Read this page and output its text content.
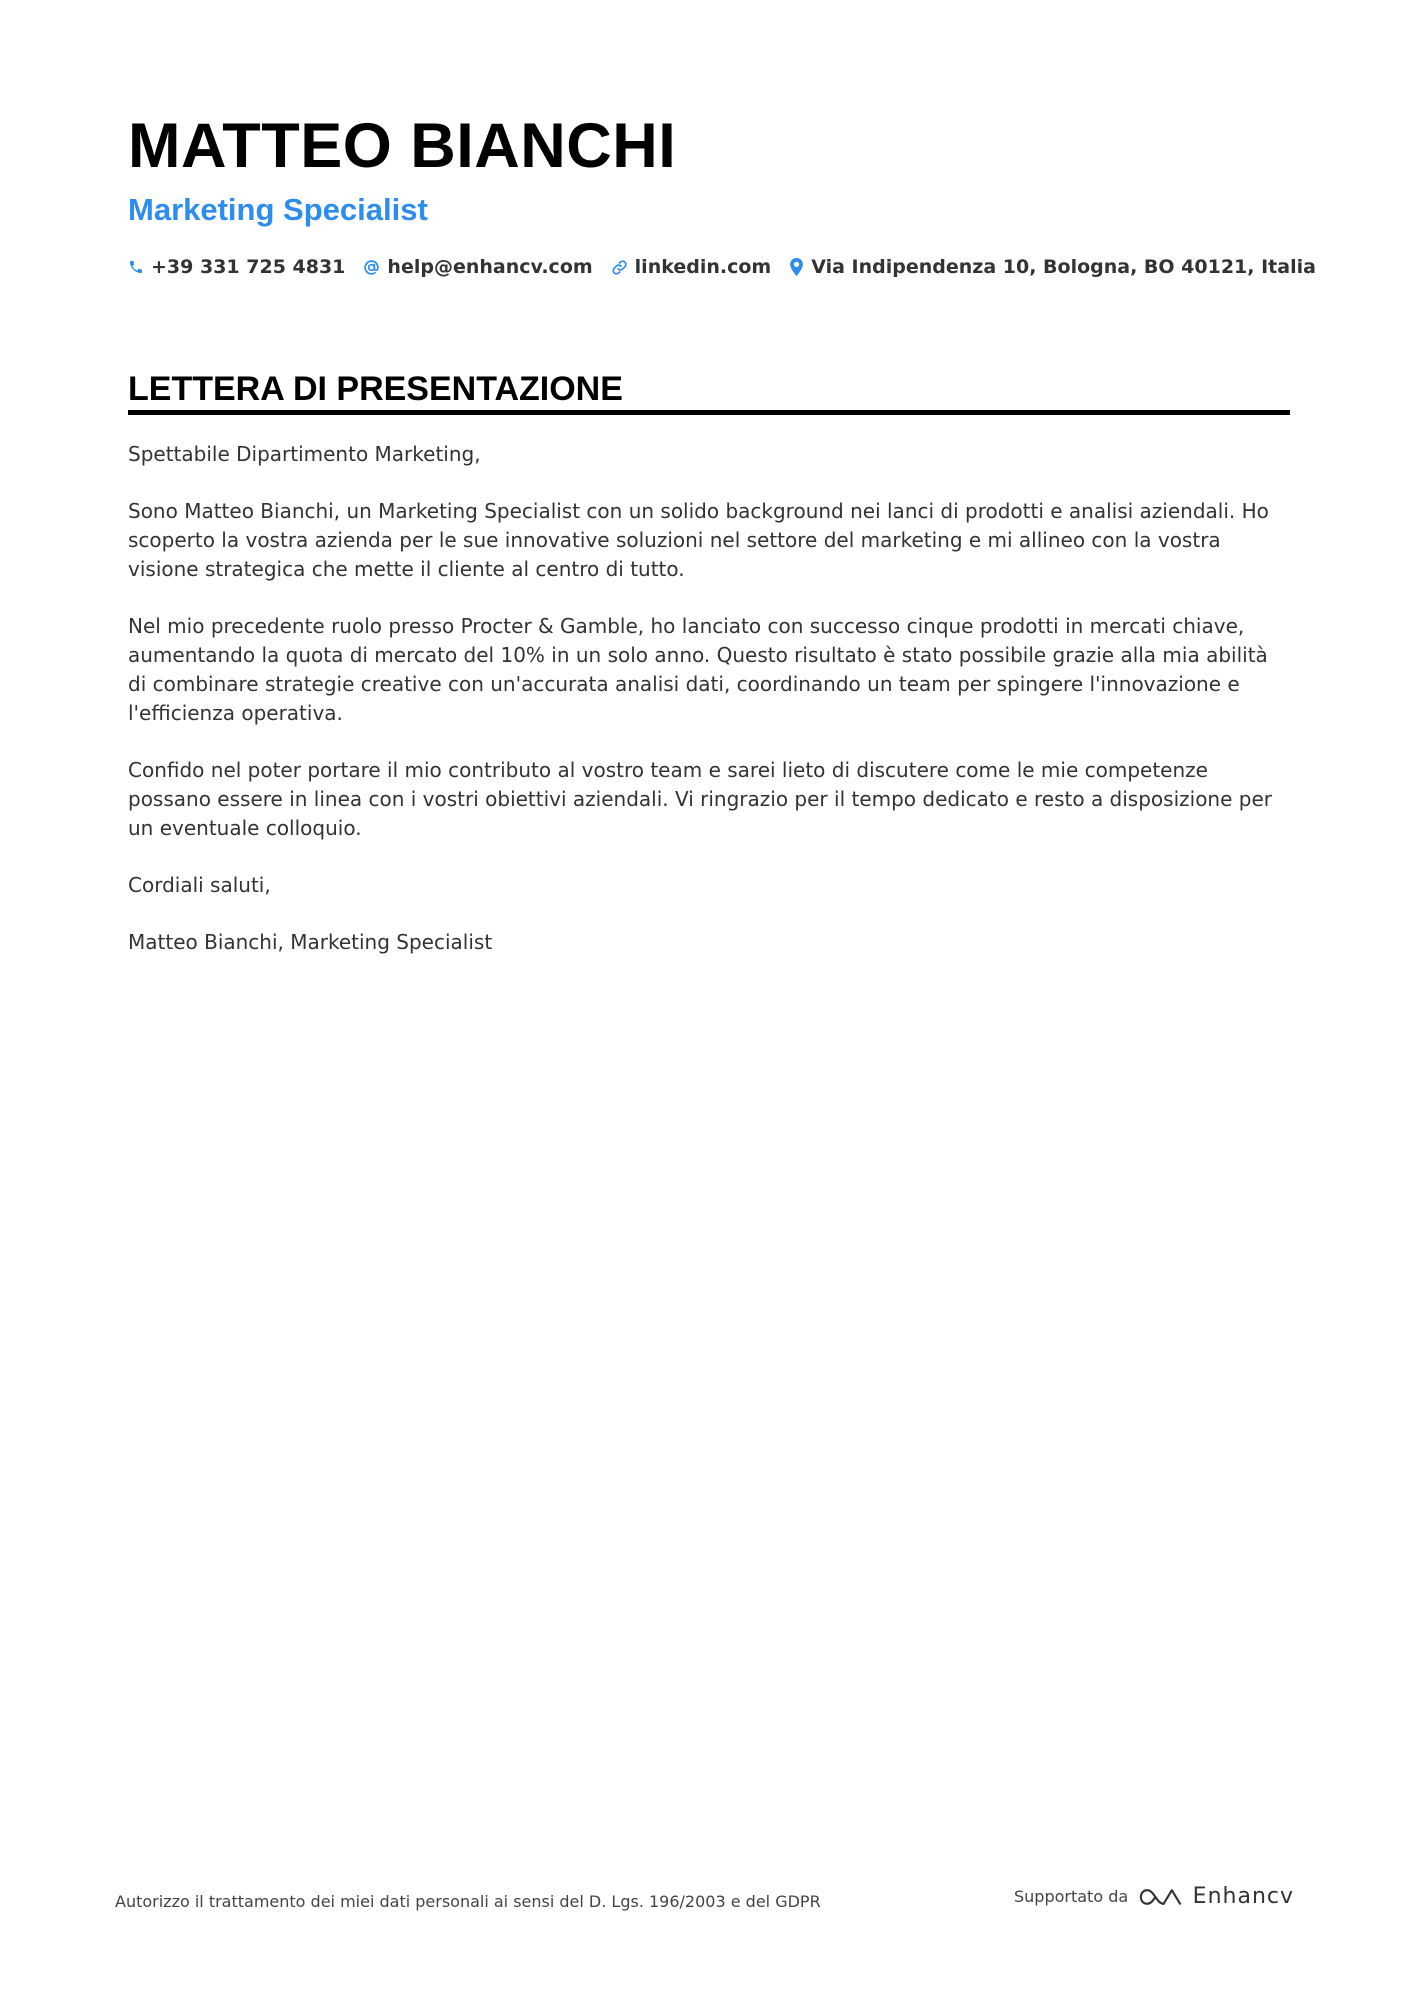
MATTEO BIANCHI
Marketing Specialist
+39 331 725 4831 help@enhancv.com linkedin.com Via Indipendenza 10, Bologna, BO 40121, Italia
LETTERA DI PRESENTAZIONE

Spettabile Dipartimento Marketing,

Sono Matteo Bianchi, un Marketing Specialist con un solido background nei lanci di prodotti e analisi aziendali. Ho scoperto la vostra azienda per le sue innovative soluzioni nel settore del marketing e mi allineo con la vostra visione strategica che mette il cliente al centro di tutto.

Nel mio precedente ruolo presso Procter & Gamble, ho lanciato con successo cinque prodotti in mercati chiave, aumentando la quota di mercato del 10% in un solo anno. Questo risultato è stato possibile grazie alla mia abilità di combinare strategie creative con un'accurata analisi dati, coordinando un team per spingere l'innovazione e l'efficienza operativa.

Confido nel poter portare il mio contributo al vostro team e sarei lieto di discutere come le mie competenze possano essere in linea con i vostri obiettivi aziendali. Vi ringrazio per il tempo dedicato e resto a disposizione per un eventuale colloquio.

Cordiali saluti,

Matteo Bianchi, Marketing Specialist

Autorizzo il trattamento dei miei dati personali ai sensi del D. Lgs. 196/2003 e del GDPR	Supportato da	Enhancv
